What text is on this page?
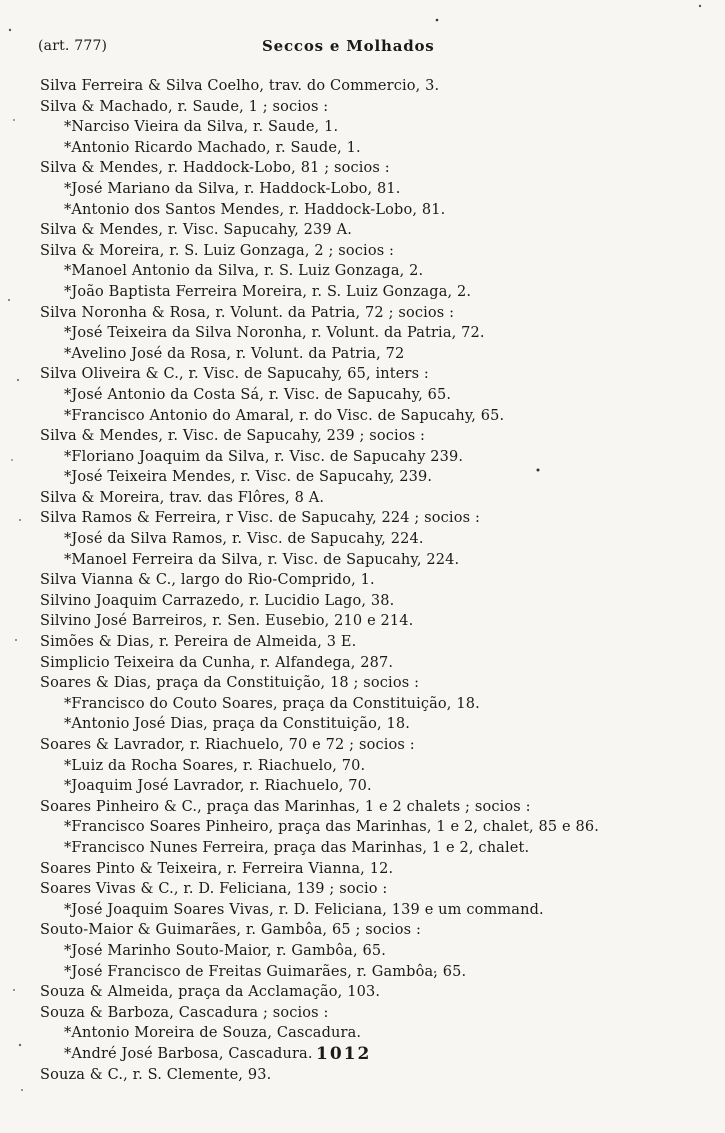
(art. 777)	Seccos e Molhados
Silva Ferreira & Silva Coelho, trav. do Commercio, 3.
Silva & Machado, r. Saude, 1 ; socios :
*Narciso Vieira da Silva, r. Saude, 1.
*Antonio Ricardo Machado, r. Saude, 1.
Silva & Mendes, r. Haddock-Lobo, 81 ; socios :
*José Mariano da Silva, r. Haddock-Lobo, 81.
*Antonio dos Santos Mendes, r. Haddock-Lobo, 81.
Silva & Mendes, r. Visc. Sapucahy, 239 A.
Silva & Moreira, r. S. Luiz Gonzaga, 2 ; socios :
*Manoel Antonio da Silva, r. S. Luiz Gonzaga, 2.
*João Baptista Ferreira Moreira, r. S. Luiz Gonzaga, 2.
Silva Noronha & Rosa, r. Volunt. da Patria, 72 ; socios :
*José Teixeira da Silva Noronha, r. Volunt. da Patria, 72.
*Avelino José da Rosa, r. Volunt. da Patria, 72
Silva Oliveira & C., r. Visc. de Sapucahy, 65, inters :
*José Antonio da Costa Sá, r. Visc. de Sapucahy, 65.
*Francisco Antonio do Amaral, r. do Visc. de Sapucahy, 65.
Silva & Mendes, r. Visc. de Sapucahy, 239 ; socios :
*Floriano Joaquim da Silva, r. Visc. de Sapucahy 239.
*José Teixeira Mendes, r. Visc. de Sapucahy, 239.
Silva & Moreira, trav. das Flôres, 8 A.
Silva Ramos & Ferreira, r Visc. de Sapucahy, 224 ; socios :
*José da Silva Ramos, r. Visc. de Sapucahy, 224.
*Manoel Ferreira da Silva, r. Visc. de Sapucahy, 224.
Silva Vianna & C., largo do Rio-Comprido, 1.
Silvino Joaquim Carrazedo, r. Lucidio Lago, 38.
Silvino José Barreiros, r. Sen. Eusebio, 210 e 214.
Simões & Dias, r. Pereira de Almeida, 3 E.
Simplicio Teixeira da Cunha, r. Alfandega, 287.
Soares & Dias, praça da Constituição, 18 ; socios :
*Francisco do Couto Soares, praça da Constituição, 18.
*Antonio José Dias, praça da Constituição, 18.
Soares & Lavrador, r. Riachuelo, 70 e 72 ; socios :
*Luiz da Rocha Soares, r. Riachuelo, 70.
*Joaquim José Lavrador, r. Riachuelo, 70.
Soares Pinheiro & C., praça das Marinhas, 1 e 2 chalets ; socios :
*Francisco Soares Pinheiro, praça das Marinhas, 1 e 2, chalet, 85 e 86.
*Francisco Nunes Ferreira, praça das Marinhas, 1 e 2, chalet.
Soares Pinto & Teixeira, r. Ferreira Vianna, 12.
Soares Vivas & C., r. D. Feliciana, 139 ; socio :
*José Joaquim Soares Vivas, r. D. Feliciana, 139 e um command.
Souto-Maior & Guimarães, r. Gambôa, 65 ; socios :
*José Marinho Souto-Maior, r. Gambôa, 65.
*José Francisco de Freitas Guimarães, r. Gambôa, 65.
Souza & Almeida, praça da Acclamação, 103.
Souza & Barboza, Cascadura ; socios :
*Antonio Moreira de Souza, Cascadura.
*André José Barbosa, Cascadura.
Souza & C., r. S. Clemente, 93.
1012
